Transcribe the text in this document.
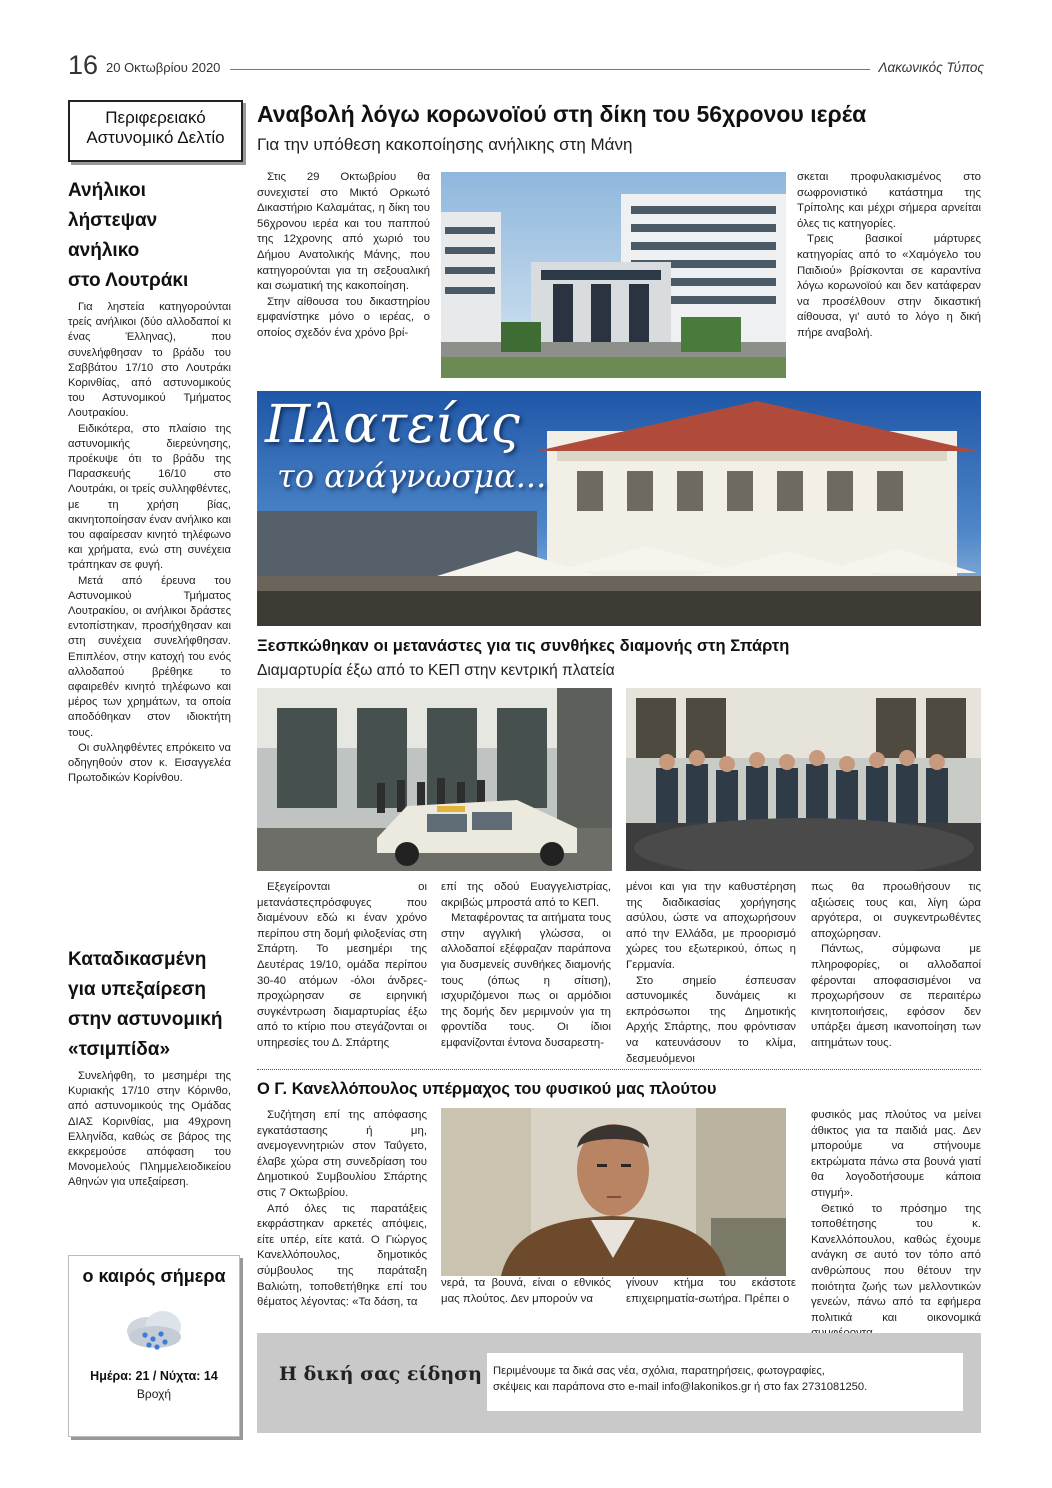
16 20 Οκτωβρίου 2020	Λακωνικός Τύπος
Περιφερειακό
Αστυνομικό Δελτίο
Ανήλικοι
λήστεψαν ανήλικο
στο Λουτράκι

Για ληστεία κατηγορούνται τρείς ανήλικοι (δύο αλλοδαποί κι ένας Έλληνας), που συνελήφθησαν το βράδυ του Σαββάτου 17/10 στο Λουτράκι Κορινθίας, από αστυνομικούς του Αστυνομικού Τμήματος Λουτρακίου.

Ειδικότερα, στο πλαίσιο της αστυνομικής διερεύνησης, προέκυψε ότι το βράδυ της Παρασκευής 16/10 στο Λουτράκι, οι τρείς συλληφθέντες, με τη χρήση βίας, ακινητοποίησαν έναν ανήλικο και του αφαίρεσαν κινητό τηλέφωνο και χρήματα, ενώ στη συνέχεια τράπηκαν σε φυγή.

Μετά από έρευνα του Αστυνομικού Τμήματος Λουτρακίου, οι ανήλικοι δράστες εντοπίστηκαν, προσήχθησαν και στη συνέχεια συνελήφθησαν. Επιπλέον, στην κατοχή του ενός αλλοδαπού βρέθηκε το αφαιρεθέν κινητό τηλέφωνο και μέρος των χρημάτων, τα οποία αποδόθηκαν στον ιδιοκτήτη τους.

Οι συλληφθέντες επρόκειτο να οδηγηθούν στον κ. Εισαγγελέα Πρωτοδικών Κορίνθου.

Καταδικασμένη
για υπεξαίρεση
στην αστυνομική
«τσιμπίδα»

Συνελήφθη, το μεσημέρι της Κυριακής 17/10 στην Κόρινθο, από αστυνομικούς της Ομάδας ΔΙΑΣ Κορινθίας, μια 49χρονη Ελληνίδα, καθώς σε βάρος της εκκρεμούσε απόφαση του Μονομελούς Πλημμελειοδικείου Αθηνών για υπεξαίρεση.

ο καιρός σήμερα
Ημέρα: 21 / Νύχτα: 14
Βροχή
Αναβολή λόγω κορωνοϊού στη δίκη του 56χρονου ιερέα
Για την υπόθεση κακοποίησης ανήλικης στη Μάνη

Στις 29 Οκτωβρίου θα συνεχιστεί στο Μικτό Ορκωτό Δικαστήριο Καλαμάτας, η δίκη του 56χρονου ιερέα και του παππού της 12χρονης από χωριό του Δήμου Ανατολικής Μάνης, που κατηγορούνται για τη σεξουαλική και σωματική της κακοποίηση.

Στην αίθουσα του δικαστηρίου εμφανίστηκε μόνο ο ιερέας, ο οποίος σχεδόν ένα χρόνο βρί-

σκεται προφυλακισμένος στο σωφρονιστικό κατάστημα της Τρίπολης και μέχρι σήμερα αρνείται όλες τις κατηγορίες.

Τρεις βασικοί μάρτυρες κατηγορίας από το «Χαμόγελο του Παιδιού» βρίσκονται σε καραντίνα λόγω κορωνοϊού και δεν κατάφεραν να προσέλθουν στην δικαστική αίθουσα, γι' αυτό το λόγο η δική πήρε αναβολή.

Πλατείας
το ανάγνωσμα...
Ξεσπκώθηκαν οι μετανάστες για τις συνθήκες διαμονής στη Σπάρτη
Διαμαρτυρία έξω από το ΚΕΠ στην κεντρική πλατεία

Εξεγείρονται οι μετανάστεςπρόσφυγες που διαμένουν εδώ κι έναν χρόνο περίπου στη δομή φιλοξενίας στη Σπάρτη. Το μεσημέρι της Δευτέρας 19/10, ομάδα περίπου 30-40 ατόμων -όλοι άνδρες- προχώρησαν σε ειρηνική συγκέντρωση διαμαρτυρίας έξω από το κτίριο που στεγάζονται οι υπηρεσίες του Δ. Σπάρτης

επί της οδού Ευαγγελιστρίας, ακριβώς μπροστά από το ΚΕΠ.

Μεταφέροντας τα αιτήματα τους στην αγγλική γλώσσα, οι αλλοδαποί εξέφραζαν παράπονα για δυσμενείς συνθήκες διαμονής τους (όπως η σίτιση), ισχυριζόμενοι πως οι αρμόδιοι της δομής δεν μεριμνούν για τη φροντίδα τους. Οι ίδιοι εμφανίζονται έντονα δυσαρεστη-

μένοι και για την καθυστέρηση της διαδικασίας χορήγησης ασύλου, ώστε να αποχωρήσουν από την Ελλάδα, με προορισμό χώρες του εξωτερικού, όπως η Γερμανία.

Στο σημείο έσπευσαν αστυνομικές δυνάμεις κι εκπρόσωποι της Δημοτικής Αρχής Σπάρτης, που φρόντισαν να κατευνάσουν το κλίμα, δεσμευόμενοι

πως θα προωθήσουν τις αξιώσεις τους και, λίγη ώρα αργότερα, οι συγκεντρωθέντες αποχώρησαν.

Πάντως, σύμφωνα με πληροφορίες, οι αλλοδαποί φέρονται αποφασισμένοι να προχωρήσουν σε περαιτέρω κινητοποιήσεις, εφόσον δεν υπάρξει άμεση ικανοποίηση των αιτημάτων τους.

Ο Γ. Κανελλόπουλος υπέρμαχος του φυσικού μας πλούτου

Συζήτηση επί της απόφασης εγκατάστασης ή μη, ανεμογεννητριών στον Ταΰγετο, έλαβε χώρα στη συνεδρίαση του Δημοτικού Συμβουλίου Σπάρτης στις 7 Οκτωβρίου.

Από όλες τις παρατάξεις εκφράστηκαν αρκετές απόψεις, είτε υπέρ, είτε κατά. Ο Γιώργος Κανελλόπουλος, δημοτικός σύμβουλος της παράταξη Βαλιώτη, τοποθετήθηκε επί του θέματος λέγοντας: «Τα δάση, τα

νερά, τα βουνά, είναι ο εθνικός μας πλούτος. Δεν μπορούν να

γίνουν κτήμα του εκάστοτε επιχειρηματία-σωτήρα. Πρέπει ο

φυσικός μας πλούτος να μείνει άθικτος για τα παιδιά μας. Δεν μπορούμε να στήνουμε εκτρώματα πάνω στα βουνά γιατί θα λογοδοτήσουμε κάποια στιγμή».

Θετικό το πρόσημο της τοποθέτησης του κ. Κανελλόπουλου, καθώς έχουμε ανάγκη σε αυτό τον τόπο από ανθρώπους που θέτουν την ποιότητα ζωής των μελλοντικών γενεών, πάνω από τα εφήμερα πολιτικά και οικονομικά

Η δική σας είδηση Περιμένουμε τα δικά σας νέα, σχόλια, παρατηρήσεις, φωτογραφίες,
σκέψεις και παράπονα στο e-mail info@lakonikos.gr ή στο fax 2731081250.
